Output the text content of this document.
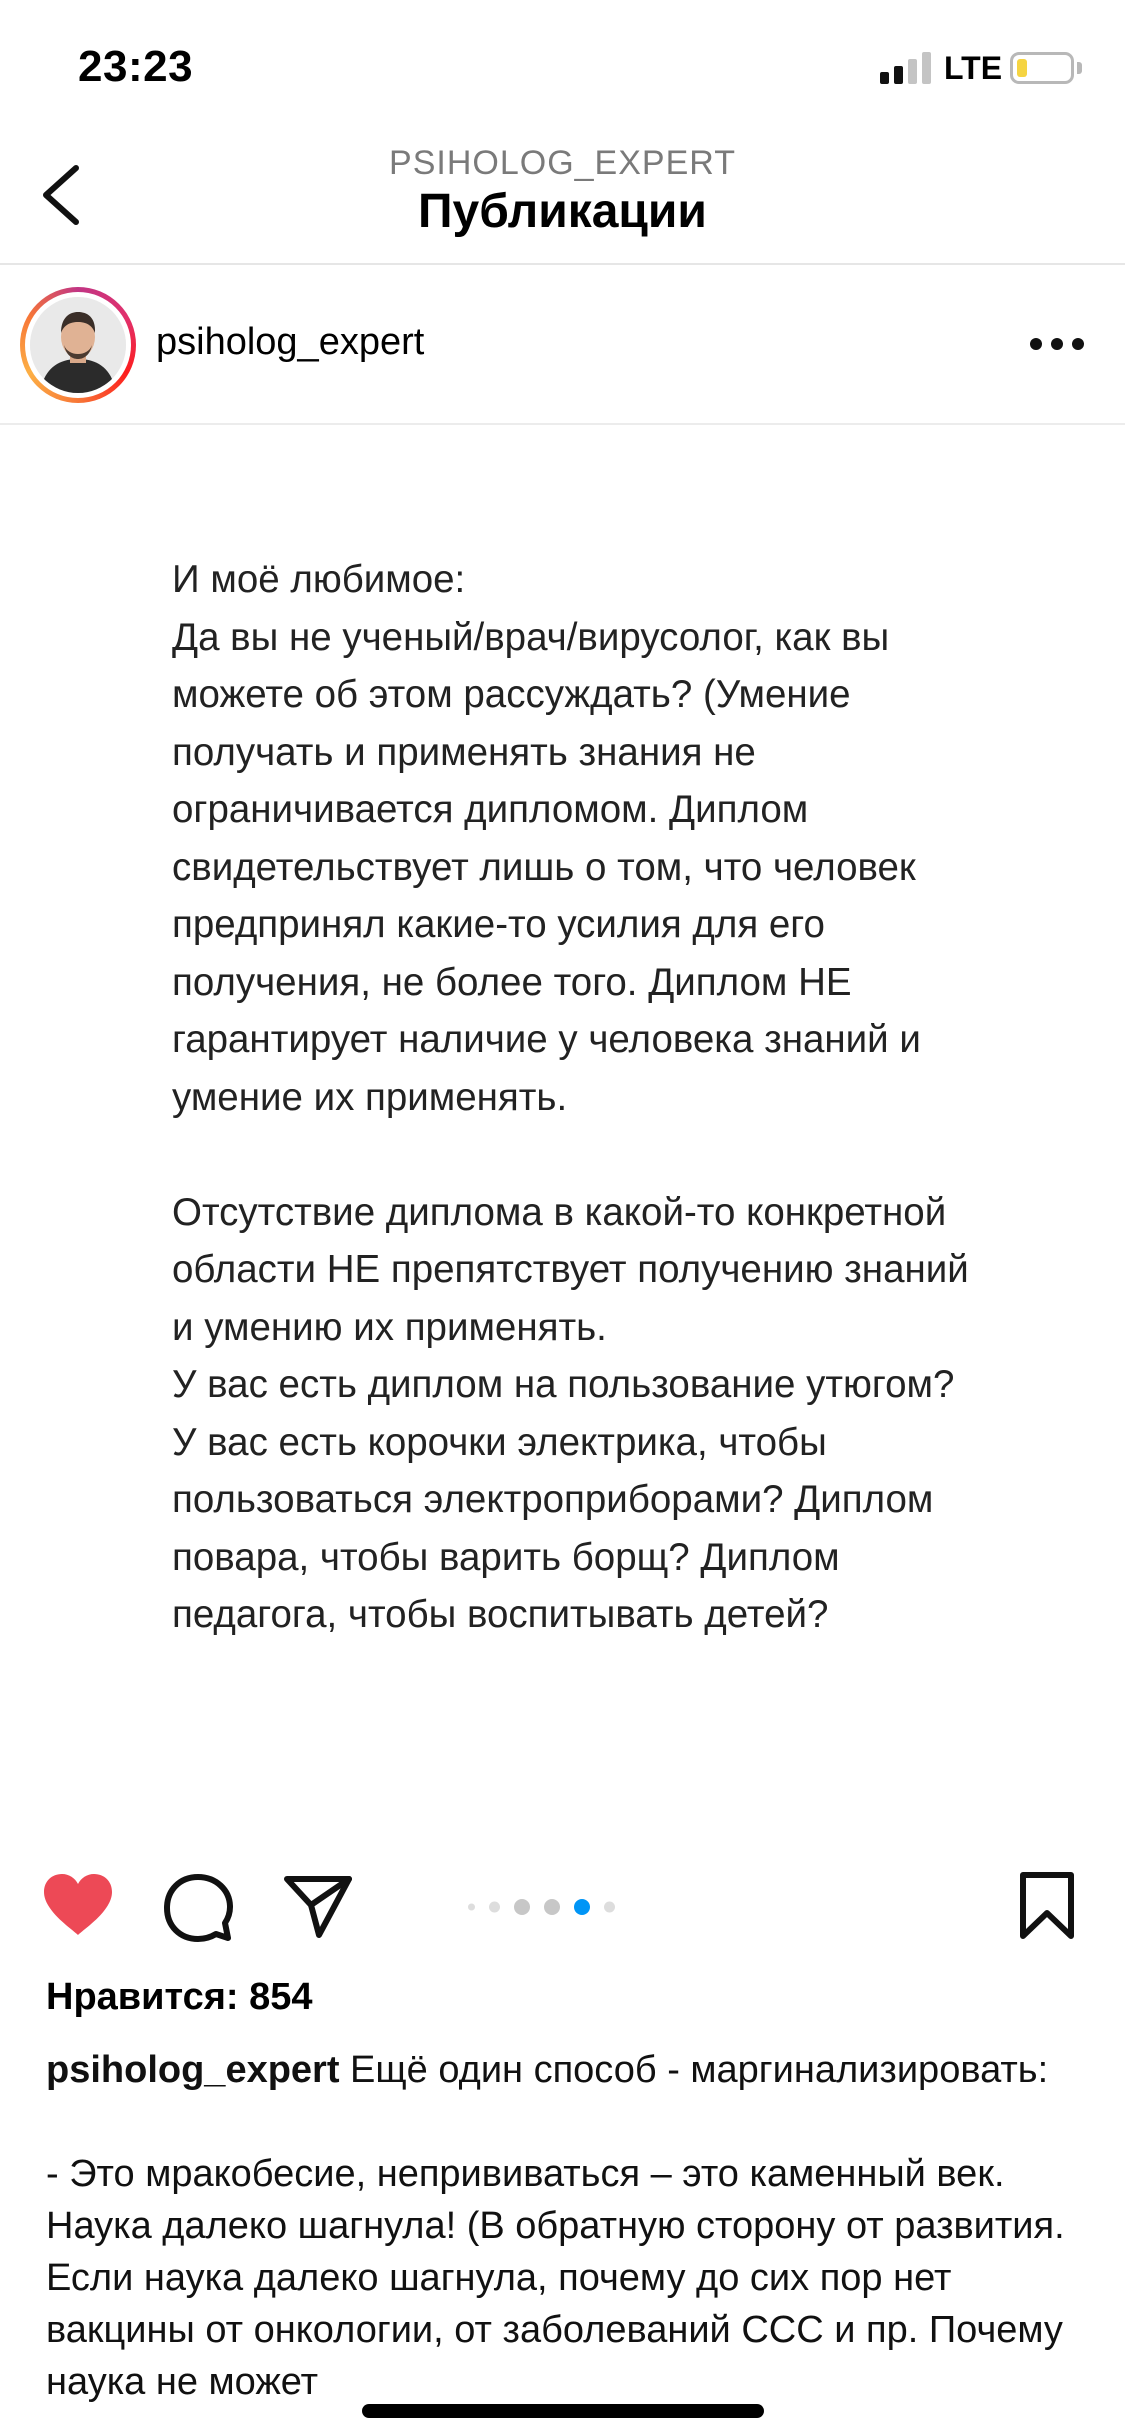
23:23	LTE
PSIHOLOG_EXPERT
Публикации
psiholog_expert
И моё любимое:
Да вы не ученый/врач/вирусолог, как вы
можете об этом рассуждать? (Умение
получать и применять знания не
ограничивается дипломом. Диплом
свидетельствует лишь о том, что человек
предпринял какие-то усилия для его
получения, не более того. Диплом НЕ
гарантирует наличие у человека знаний и
умение их применять.

Отсутствие диплома в какой-то конкретной
области НЕ препятствует получению знаний
и умению их применять.
У вас есть диплом на пользование утюгом?
У вас есть корочки электрика, чтобы
пользоваться электроприборами? Диплом
повара, чтобы варить борщ? Диплом
педагога, чтобы воспитывать детей?
Нравится: 854
psiholog_expert Ещё один способ - маргинализировать:
- Это мракобесие, непрививаться – это каменный век. Наука далеко шагнула! (В обратную сторону от развития. Если наука далеко шагнула, почему до сих пор нет вакцины от онкологии, от заболеваний ССС и пр. Почему наука не может
